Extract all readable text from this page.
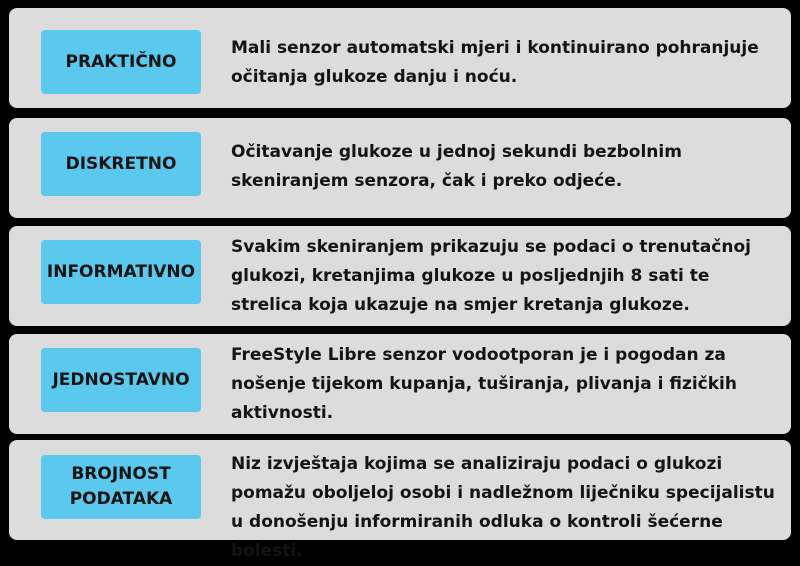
PRAKTIČNO
Mali senzor automatski mjeri i kontinuirano pohranjuje očitanja glukoze danju i noću.
DISKRETNO
Očitavanje glukoze u jednoj sekundi bezbolnim skeniranjem senzora, čak i preko odjeće.
INFORMATIVNO
Svakim skeniranjem prikazuju se podaci o trenutačnoj glukozi, kretanjima glukoze u posljednjih 8 sati te strelica koja ukazuje na smjer kretanja glukoze.
JEDNOSTAVNO
FreeStyle Libre senzor vodootporan je i pogodan za nošenje tijekom kupanja, tuširanja, plivanja i fizičkih aktivnosti.
BROJNOST
PODATAKA
Niz izvještaja kojima se analiziraju podaci o glukozi pomažu oboljeloj osobi i nadležnom liječniku specijalistu u donošenju informiranih odluka o kontroli šećerne bolesti.
